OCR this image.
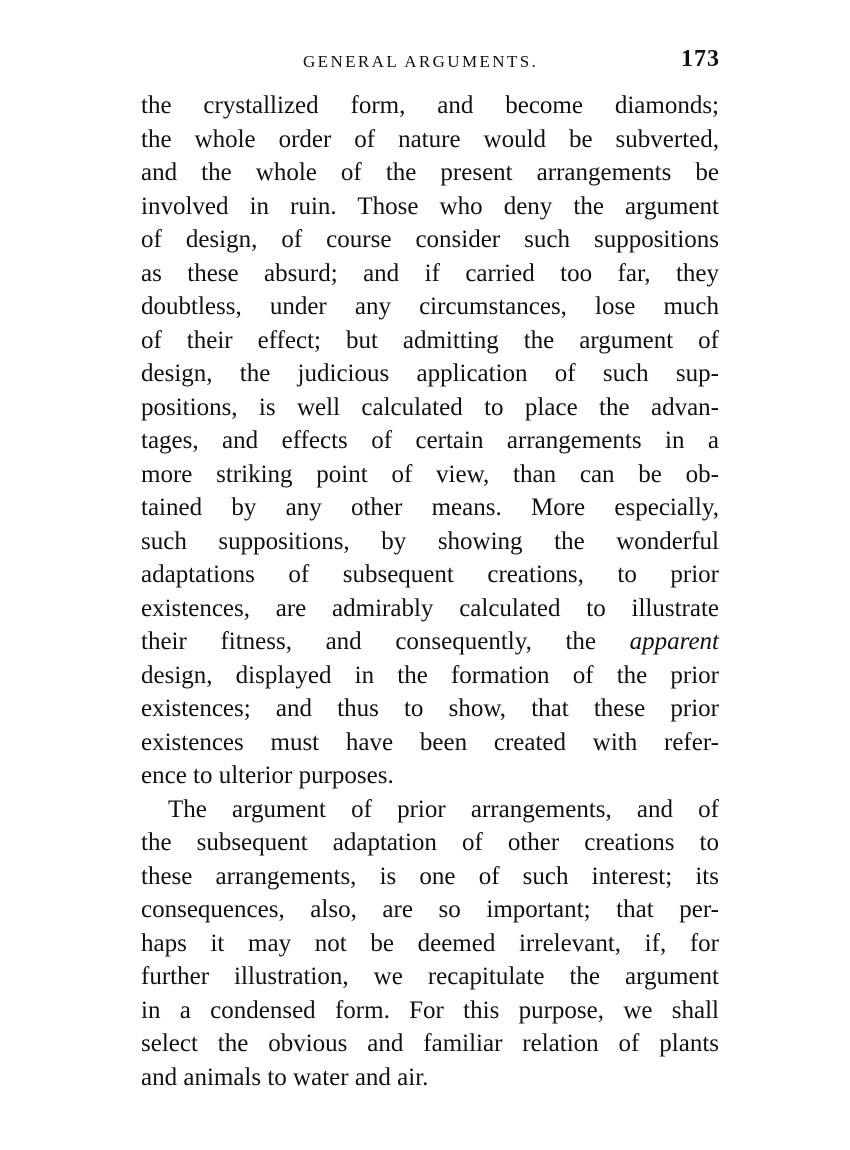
GENERAL ARGUMENTS.	173
the crystallized form, and become diamonds;
the whole order of nature would be subverted,
and the whole of the present arrangements be
involved in ruin. Those who deny the argument
of design, of course consider such suppositions
as these absurd; and if carried too far, they
doubtless, under any circumstances, lose much
of their effect; but admitting the argument of
design, the judicious application of such sup-
positions, is well calculated to place the advan-
tages, and effects of certain arrangements in a
more striking point of view, than can be ob-
tained by any other means. More especially,
such suppositions, by showing the wonderful
adaptations of subsequent creations, to prior
existences, are admirably calculated to illustrate
their fitness, and consequently, the apparent
design, displayed in the formation of the prior
existences; and thus to show, that these prior
existences must have been created with refer-
ence to ulterior purposes.
The argument of prior arrangements, and of
the subsequent adaptation of other creations to
these arrangements, is one of such interest; its
consequences, also, are so important; that per-
haps it may not be deemed irrelevant, if, for
further illustration, we recapitulate the argument
in a condensed form. For this purpose, we shall
select the obvious and familiar relation of plants
and animals to water and air.
